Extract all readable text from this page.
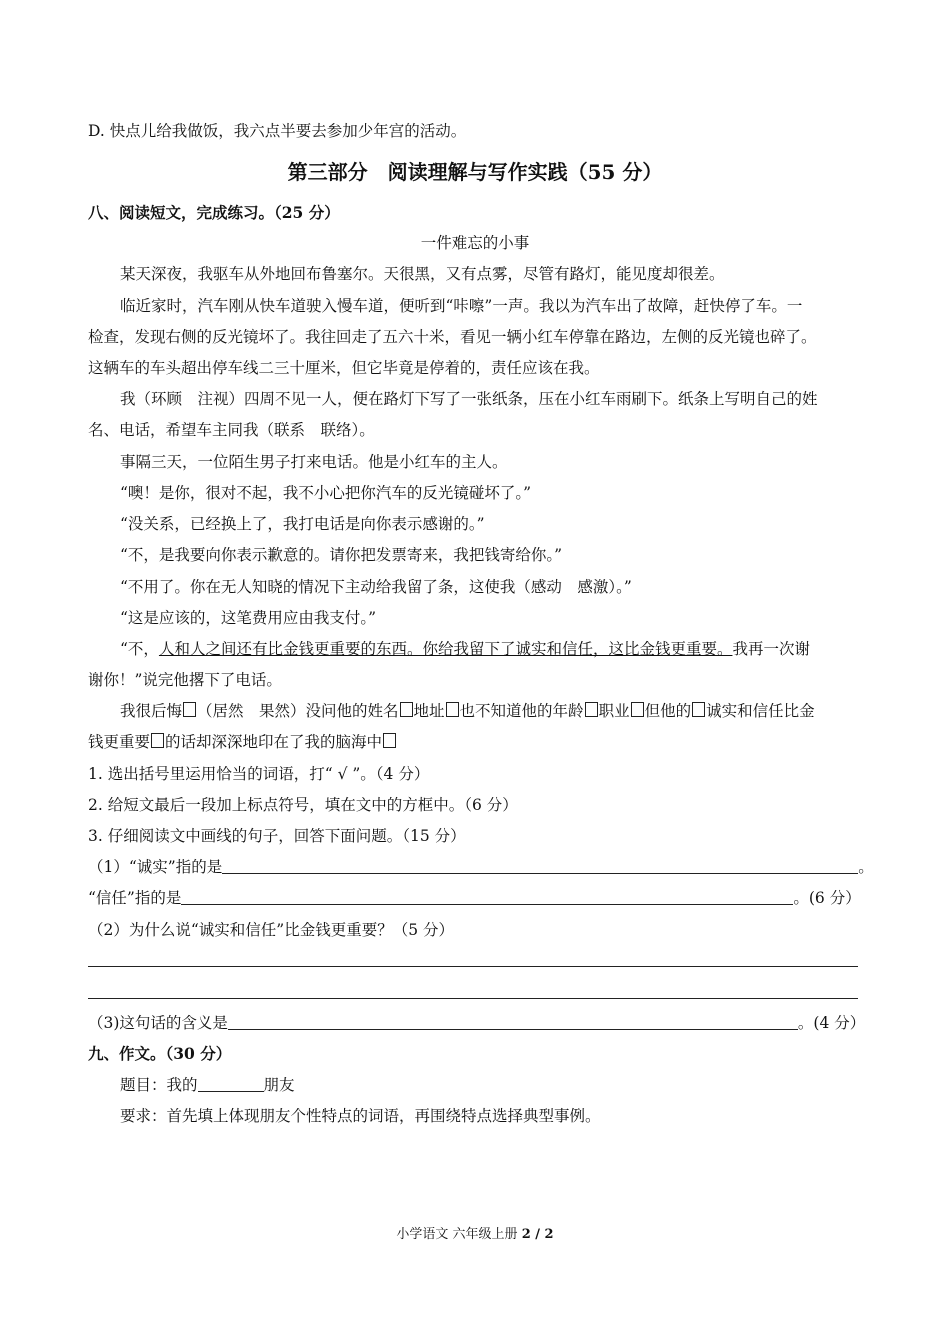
D. 快点儿给我做饭，我六点半要去参加少年宫的活动。
第三部分　阅读理解与写作实践（55 分）
八、阅读短文，完成练习。（25 分）
一件难忘的小事
某天深夜，我驱车从外地回布鲁塞尔。天很黑，又有点雾，尽管有路灯，能见度却很差。
临近家时，汽车刚从快车道驶入慢车道，便听到“咔嚓”一声。我以为汽车出了故障，赶快停了车。一
检查，发现右侧的反光镜坏了。我往回走了五六十米，看见一辆小红车停靠在路边，左侧的反光镜也碎了。
这辆车的车头超出停车线二三十厘米，但它毕竟是停着的，责任应该在我。
我（环顾　注视）四周不见一人，便在路灯下写了一张纸条，压在小红车雨刷下。纸条上写明自己的姓
名、电话，希望车主同我（联系　联络）。
事隔三天，一位陌生男子打来电话。他是小红车的主人。
“噢！是你，很对不起，我不小心把你汽车的反光镜碰坏了。”
“没关系，已经换上了，我打电话是向你表示感谢的。”
“不，是我要向你表示歉意的。请你把发票寄来，我把钱寄给你。”
“不用了。你在无人知晓的情况下主动给我留了条，这使我（感动　感激）。”
“这是应该的，这笔费用应由我支付。”
“不，人和人之间还有比金钱更重要的东西。你给我留下了诚实和信任，这比金钱更重要。我再一次谢
谢你！”说完他撂下了电话。
我很后悔 （居然　果然）没问他的姓名 地址 也不知道他的年龄 职业 但他的 诚实和信任比金
钱更重要 的话却深深地印在了我的脑海中
1. 选出括号里运用恰当的词语，打“ √ ”。（4 分）
2. 给短文最后一段加上标点符号，填在文中的方框中。（6 分）
3. 仔细阅读文中画线的句子，回答下面问题。（15 分）
（1）“诚实”指的是	。
“信任”指的是	。(6 分）
（2）为什么说“诚实和信任”比金钱更重要？（5 分）
（3)这句话的含义是	。(4 分）
九、作文。（30 分）
题目：我的	朋友
要求：首先填上体现朋友个性特点的词语，再围绕特点选择典型事例。
小学语文 六年级上册 2 / 2
